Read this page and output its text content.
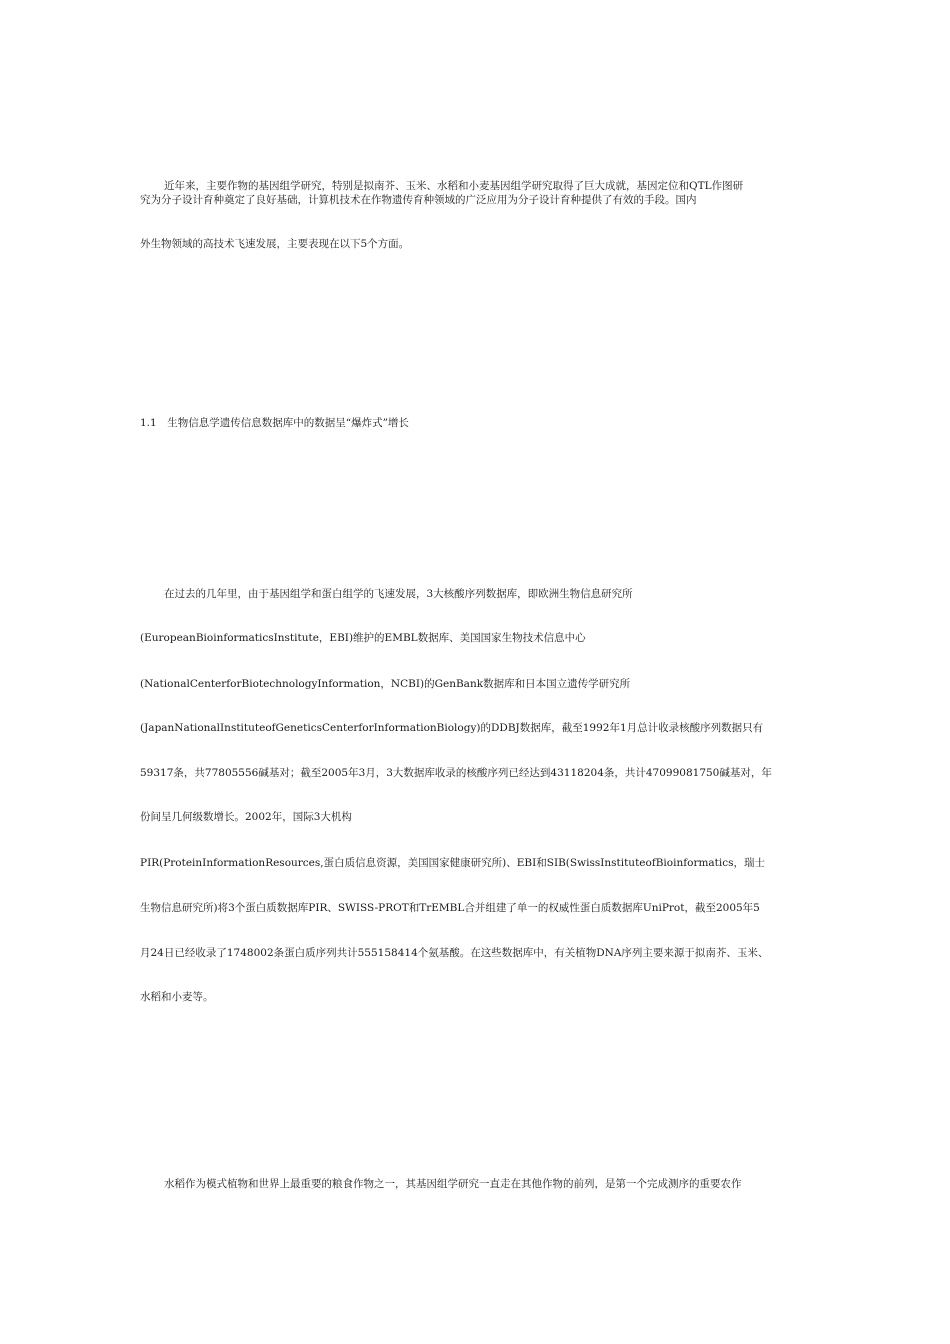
近年来，主要作物的基因组学研究，特别是拟南芥、玉米、水稻和小麦基因组学研究取得了巨大成就，基因定位和QTL作图研

究为分子设计育种奠定了良好基础，计算机技术在作物遗传育种领域的广泛应用为分子设计育种提供了有效的手段。国内

外生物领域的高技术飞速发展，主要表现在以下5个方面。

1.1　生物信息学遗传信息数据库中的数据呈“爆炸式”增长

在过去的几年里，由于基因组学和蛋白组学的飞速发展，3大核酸序列数据库，即欧洲生物信息研究所

(EuropeanBioinformaticsInstitute，EBI)维护的EMBL数据库、美国国家生物技术信息中心

(NationalCenterforBiotechnologyInformation，NCBI)的GenBank数据库和日本国立遗传学研究所

(JapanNationalInstituteofGeneticsCenterforInformationBiology)的DDBJ数据库，截至1992年1月总计收录核酸序列数据只有

59317条，共77805556碱基对；截至2005年3月，3大数据库收录的核酸序列已经达到43118204条，共计47099081750碱基对，年

份间呈几何级数增长。2002年，国际3大机构

PIR(ProteinInformationResources,蛋白质信息资源，美国国家健康研究所)、EBI和SIB(SwissInstituteofBioinformatics，瑞士

生物信息研究所)将3个蛋白质数据库PIR、SWISS-PROT和TrEMBL合并组建了单一的权威性蛋白质数据库UniProt，截至2005年5

月24日已经收录了1748002条蛋白质序列共计555158414个氨基酸。在这些数据库中，有关植物DNA序列主要来源于拟南芥、玉米、

水稻和小麦等。

水稻作为模式植物和世界上最重要的粮食作物之一，其基因组学研究一直走在其他作物的前列，是第一个完成测序的重要农作
